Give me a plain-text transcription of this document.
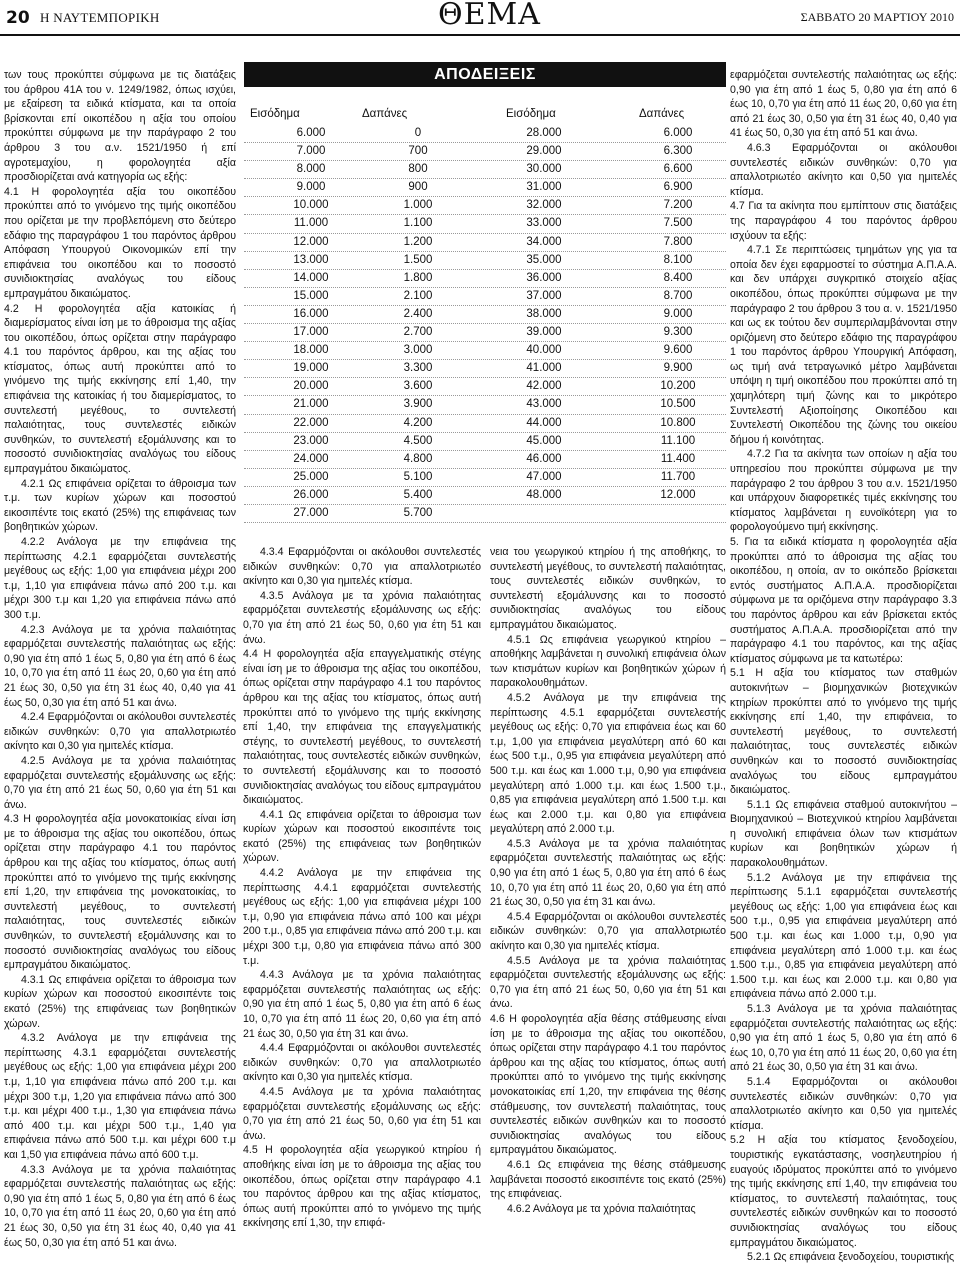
20 Η ΝΑΥΤΕΜΠΟΡΙΚΗ	ΘΕΜΑ	ΣΑΒΒΑΤΟ 20 ΜΑΡΤΙΟΥ 2010

των τους προκύπτει σύμφωνα με τις διατάξεις του άρθρου 41Α του ν. 1249/1982, όπως ισχύει, με εξαίρεση τα ειδικά κτίσματα, και τα οποία βρίσκονται επί οικοπέδου η αξία του οποίου προκύπτει σύμφωνα με την παράγραφο 2 του άρθρου 3 του α.ν. 1521/1950 ή επί αγροτεμαχίου, η φορολογητέα αξία προσδιορίζεται ανά κατηγορία ως εξής:

4.1 Η φορολογητέα αξία του οικοπέδου προκύπτει από το γινόμενο της τιμής οικοπέδου που ορίζεται με την προβλεπόμενη στο δεύτερο εδάφιο της παραγράφου 1 του παρόντος άρθρου Απόφαση Υπουργού Οικονομικών επί την επιφάνεια του οικοπέδου και το ποσοστό συνιδιοκτησίας αναλόγως του είδους εμπραγμάτου δικαιώματος.

4.2 Η φορολογητέα αξία κατοικίας ή διαμερίσματος είναι ίση με το άθροισμα της αξίας του οικοπέδου, όπως ορίζεται στην παράγραφο 4.1 του παρόντος άρθρου, και της αξίας του κτίσματος, όπως αυτή προκύπτει από το γινόμενο της τιμής εκκίνησης επί 1,40, την επιφάνεια της κατοικίας ή του διαμερίσματος, το συντελεστή μεγέθους, το συντελεστή παλαιότητας, τους συντελεστές ειδικών συνθηκών, το συντελεστή εξομάλυνσης και το ποσοστό συνιδιοκτησίας αναλόγως του είδους εμπραγμάτου δικαιώματος.

4.2.1 Ως επιφάνεια ορίζεται το άθροισμα των τ.μ. των κυρίων χώρων και ποσοστού εικοσιπέντε τοις εκατό (25%) της επιφάνειας των βοηθητικών χώρων.

4.2.2 Ανάλογα με την επιφάνεια της περίπτωσης 4.2.1 εφαρμόζεται συντελεστής μεγέθους ως εξής: 1,00 για επιφάνεια μέχρι 200 τ.μ, 1,10 για επιφάνεια πάνω από 200 τ.μ. και μέχρι 300 τ.μ και 1,20 για επιφάνεια πάνω από 300 τ.μ.

4.2.3 Ανάλογα με τα χρόνια παλαιότητας εφαρμόζεται συντελεστής παλαιότητας ως εξής: 0,90 για έτη από 1 έως 5, 0,80 για έτη από 6 έως 10, 0,70 για έτη από 11 έως 20, 0,60 για έτη από 21 έως 30, 0,50 για έτη 31 έως 40, 0,40 για 41 έως 50, 0,30 για έτη από 51 και άνω.

4.2.4 Εφαρμόζονται οι ακόλουθοι συντελεστές ειδικών συνθηκών: 0,70 για απαλλοτριωτέο ακίνητο και 0,30 για ημιτελές κτίσμα.

4.2.5 Ανάλογα με τα χρόνια παλαιότητας εφαρμόζεται συντελεστής εξομάλυνσης ως εξής: 0,70 για έτη από 21 έως 50, 0,60 για έτη 51 και άνω.

4.3 Η φορολογητέα αξία μονοκατοικίας είναι ίση με το άθροισμα της αξίας του οικοπέδου, όπως ορίζεται στην παράγραφο 4.1 του παρόντος άρθρου και της αξίας του κτίσματος, όπως αυτή προκύπτει από το γινόμενο της τιμής εκκίνησης επί 1,20, την επιφάνεια της μονοκατοικίας, το συντελεστή μεγέθους, το συντελεστή παλαιότητας, τους συντελεστές ειδικών συνθηκών, το συντελεστή εξομάλυνσης και το ποσοστό συνιδιοκτησίας αναλόγως του είδους εμπραγμάτου δικαιώματος.

4.3.1 Ως επιφάνεια ορίζεται το άθροισμα των κυρίων χώρων και ποσοστού εικοσιπέντε τοις εκατό (25%) της επιφάνειας των βοηθητικών χώρων.

4.3.2 Ανάλογα με την επιφάνεια της περίπτωσης 4.3.1 εφαρμόζεται συντελεστής μεγέθους ως εξής: 1,00 για επιφάνεια μέχρι 200 τ.μ, 1,10 για επιφάνεια πάνω από 200 τ.μ. και μέχρι 300 τ.μ, 1,20 για επιφάνεια πάνω από 300 τ.μ. και μέχρι 400 τ.μ., 1,30 για επιφάνεια πάνω από 400 τ.μ. και μέχρι 500 τ.μ., 1,40 για επιφάνεια πάνω από 500 τ.μ. και μέχρι 600 τ.μ και 1,50 για επιφάνεια πάνω από 600 τ.μ.

4.3.3 Ανάλογα με τα χρόνια παλαιότητας εφαρμόζεται συντελεστής παλαιότητας ως εξής: 0,90 για έτη από 1 έως 5, 0,80 για έτη από 6 έως 10, 0,70 για έτη από 11 έως 20, 0,60 για έτη από 21 έως 30, 0,50 για έτη 31 έως 40, 0,40 για 41 έως 50, 0,30 για έτη από 51 και άνω.

ΑΠΟΔΕΙΞΕΙΣ
Εισόδημα	Δαπάνες	Εισόδημα	Δαπάνες
6.000	0	28.000	6.000
7.000	700	29.000	6.300
8.000	800	30.000	6.600
9.000	900	31.000	6.900
10.000	1.000	32.000	7.200
11.000	1.100	33.000	7.500
12.000	1.200	34.000	7.800
13.000	1.500	35.000	8.100
14.000	1.800	36.000	8.400
15.000	2.100	37.000	8.700
16.000	2.400	38.000	9.000
17.000	2.700	39.000	9.300
18.000	3.000	40.000	9.600
19.000	3.300	41.000	9.900
20.000	3.600	42.000	10.200
21.000	3.900	43.000	10.500
22.000	4.200	44.000	10.800
23.000	4.500	45.000	11.100
24.000	4.800	46.000	11.400
25.000	5.100	47.000	11.700
26.000	5.400	48.000	12.000
27.000	5.700

4.3.4 Εφαρμόζονται οι ακόλουθοι συντελεστές ειδικών συνθηκών: 0,70 για απαλλοτριωτέο ακίνητο και 0,30 για ημιτελές κτίσμα.

4.3.5 Ανάλογα με τα χρόνια παλαιότητας εφαρμόζεται συντελεστής εξομάλυνσης ως εξής: 0,70 για έτη από 21 έως 50, 0,60 για έτη 51 και άνω.

4.4 Η φορολογητέα αξία επαγγελματικής στέγης είναι ίση με το άθροισμα της αξίας του οικοπέδου, όπως ορίζεται στην παράγραφο 4.1 του παρόντος άρθρου και της αξίας του κτίσματος, όπως αυτή προκύπτει από το γινόμενο της τιμής εκκίνησης επί 1,40, την επιφάνεια της επαγγελματικής στέγης, το συντελεστή μεγέθους, το συντελεστή παλαιότητας, τους συντελεστές ειδικών συνθηκών, το συντελεστή εξομάλυνσης και το ποσοστό συνιδιοκτησίας αναλόγως του είδους εμπραγμάτου δικαιώματος.

4.4.1 Ως επιφάνεια ορίζεται το άθροισμα των κυρίων χώρων και ποσοστού εικοσιπέντε τοις εκατό (25%) της επιφάνειας των βοηθητικών χώρων.

4.4.2 Ανάλογα με την επιφάνεια της περίπτωσης 4.4.1 εφαρμόζεται συντελεστής μεγέθους ως εξής: 1,00 για επιφάνεια μέχρι 100 τ.μ, 0,90 για επιφάνεια πάνω από 100 και μέχρι 200 τ.μ., 0,85 για επιφάνεια πάνω από 200 τ.μ. και μέχρι 300 τ.μ, 0,80 για επιφάνεια πάνω από 300 τ.μ.

4.4.3 Ανάλογα με τα χρόνια παλαιότητας εφαρμόζεται συντελεστής παλαιότητας ως εξής: 0,90 για έτη από 1 έως 5, 0,80 για έτη από 6 έως 10, 0,70 για έτη από 11 έως 20, 0,60 για έτη από 21 έως 30, 0,50 για έτη 31 και άνω.

4.4.4 Εφαρμόζονται οι ακόλουθοι συντελεστές ειδικών συνθηκών: 0,70 για απαλλοτριωτέο ακίνητο και 0,30 για ημιτελές κτίσμα.

4.4.5 Ανάλογα με τα χρόνια παλαιότητας εφαρμόζεται συντελεστής εξομάλυνσης ως εξής: 0,70 για έτη από 21 έως 50, 0,60 για έτη 51 και άνω.

4.5 Η φορολογητέα αξία γεωργικού κτηρίου ή αποθήκης είναι ίση με το άθροισμα της αξίας του οικοπέδου, όπως ορίζεται στην παράγραφο 4.1 του παρόντος άρθρου και της αξίας κτίσματος, όπως αυτή προκύπτει από το γινόμενο της τιμής εκκίνησης επί 1,30, την επιφά-

νεια του γεωργικού κτηρίου ή της αποθήκης, το συντελεστή μεγέθους, το συντελεστή παλαιότητας, τους συντελεστές ειδικών συνθηκών, το συντελεστή εξομάλυνσης και το ποσοστό συνιδιοκτησίας αναλόγως του είδους εμπραγμάτου δικαιώματος.

4.5.1 Ως επιφάνεια γεωργικού κτηρίου – αποθήκης λαμβάνεται η συνολική επιφάνεια όλων των κτισμάτων κυρίων και βοηθητικών χώρων ή παρακολουθημάτων.

4.5.2 Ανάλογα με την επιφάνεια της περίπτωσης 4.5.1 εφαρμόζεται συντελεστής μεγέθους ως εξής: 0,70 για επιφάνεια έως και 60 τ.μ, 1,00 για επιφάνεια μεγαλύτερη από 60 και έως 500 τ.μ., 0,95 για επιφάνεια μεγαλύτερη από 500 τ.μ. και έως και 1.000 τ.μ, 0,90 για επιφάνεια μεγαλύτερη από 1.000 τ.μ. και έως 1.500 τ.μ., 0,85 για επιφάνεια μεγαλύτερη από 1.500 τ.μ. και έως και 2.000 τ.μ. και 0,80 για επιφάνεια μεγαλύτερη από 2.000 τ.μ.

4.5.3 Ανάλογα με τα χρόνια παλαιότητας εφαρμόζεται συντελεστής παλαιότητας ως εξής: 0,90 για έτη από 1 έως 5, 0,80 για έτη από 6 έως 10, 0,70 για έτη από 11 έως 20, 0,60 για έτη από 21 έως 30, 0,50 για έτη 31 και άνω.

4.5.4 Εφαρμόζονται οι ακόλουθοι συντελεστές ειδικών συνθηκών: 0,70 για απαλλοτριωτέο ακίνητο και 0,30 για ημιτελές κτίσμα.

4.5.5 Ανάλογα με τα χρόνια παλαιότητας εφαρμόζεται συντελεστής εξομάλυνσης ως εξής: 0,70 για έτη από 21 έως 50, 0,60 για έτη 51 και άνω.

4.6 Η φορολογητέα αξία θέσης στάθμευσης είναι ίση με το άθροισμα της αξίας του οικοπέδου, όπως ορίζεται στην παράγραφο 4.1 του παρόντος άρθρου και της αξίας του κτίσματος, όπως αυτή προκύπτει από το γινόμενο της τιμής εκκίνησης μονοκατοικίας επί 1,20, την επιφάνεια της θέσης στάθμευσης, τον συντελεστή παλαιότητας, τους συντελεστές ειδικών συνθηκών και το ποσοστό συνιδιοκτησίας αναλόγως του είδους εμπραγμάτου δικαιώματος.

4.6.1 Ως επιφάνεια της θέσης στάθμευσης λαμβάνεται ποσοστό εικοσιπέντε τοις εκατό (25%) της επιφάνειας.

4.6.2 Ανάλογα με τα χρόνια παλαιότητας

εφαρμόζεται συντελεστής παλαιότητας ως εξής: 0,90 για έτη από 1 έως 5, 0,80 για έτη από 6 έως 10, 0,70 για έτη από 11 έως 20, 0,60 για έτη από 21 έως 30, 0,50 για έτη 31 έως 40, 0,40 για 41 έως 50, 0,30 για έτη από 51 και άνω.

4.6.3 Εφαρμόζονται οι ακόλουθοι συντελεστές ειδικών συνθηκών: 0,70 για απαλλοτριωτέο ακίνητο και 0,50 για ημιτελές κτίσμα.

4.7 Για τα ακίνητα που εμπίπτουν στις διατάξεις της παραγράφου 4 του παρόντος άρθρου ισχύουν τα εξής:

4.7.1 Σε περιπτώσεις τμημάτων γης για τα οποία δεν έχει εφαρμοστεί το σύστημα Α.Π.Α.Α. και δεν υπάρχει συγκριτικό στοιχείο αξίας οικοπέδου, όπως προκύπτει σύμφωνα με την παράγραφο 2 του άρθρου 3 του α. ν. 1521/1950 και ως εκ τούτου δεν συμπεριλαμβάνονται στην οριζόμενη στο δεύτερο εδάφιο της παραγράφου 1 του παρόντος άρθρου Υπουργική Απόφαση, ως τιμή ανά τετραγωνικό μέτρο λαμβάνεται υπόψη η τιμή οικοπέδου που προκύπτει από τη χαμηλότερη τιμή ζώνης και το μικρότερο Συντελεστή Αξιοποίησης Οικοπέδου και Συντελεστή Οικοπέδου της ζώνης του οικείου δήμου ή κοινότητας.

4.7.2 Για τα ακίνητα των οποίων η αξία του υπηρεσίου που προκύπτει σύμφωνα με την παράγραφο 2 του άρθρου 3 του α.ν. 1521/1950 και υπάρχουν διαφορετικές τιμές εκκίνησης του κτίσματος λαμβάνεται η ευνοϊκότερη για το φορολογούμενο τιμή εκκίνησης.

5. Για τα ειδικά κτίσματα η φορολογητέα αξία προκύπτει από το άθροισμα της αξίας του οικοπέδου, η οποία, αν το οικόπεδο βρίσκεται εντός συστήματος Α.Π.Α.Α. προσδιορίζεται σύμφωνα με τα οριζόμενα στην παράγραφο 3.3 του παρόντος άρθρου και εάν βρίσκεται εκτός συστήματος Α.Π.Α.Α. προσδιορίζεται από την παράγραφο 4.1 του παρόντος, και της αξίας κτίσματος σύμφωνα με τα κατωτέρω:

5.1 Η αξία του κτίσματος των σταθμών αυτοκινήτων – βιομηχανικών βιοτεχνικών κτηρίων προκύπτει από το γινόμενο της τιμής εκκίνησης επί 1,40, την επιφάνεια, το συντελεστή μεγέθους, το συντελεστή παλαιότητας, τους συντελεστές ειδικών συνθηκών και το ποσοστό συνιδιοκτησίας αναλόγως του είδους εμπραγμάτου δικαιώματος.

5.1.1 Ως επιφάνεια σταθμού αυτοκινήτου – Βιομηχανικού – Βιοτεχνικού κτηρίου λαμβάνεται η συνολική επιφάνεια όλων των κτισμάτων κυρίων και βοηθητικών χώρων ή παρακολουθημάτων.

5.1.2 Ανάλογα με την επιφάνεια της περίπτωσης 5.1.1 εφαρμόζεται συντελεστής μεγέθους ως εξής: 1,00 για επιφάνεια έως και 500 τ.μ., 0,95 για επιφάνεια μεγαλύτερη από 500 τ.μ. και έως και 1.000 τ.μ, 0,90 για επιφάνεια μεγαλύτερη από 1.000 τ.μ. και έως 1.500 τ.μ., 0,85 για επιφάνεια μεγαλύτερη από 1.500 τ.μ. και έως και 2.000 τ.μ. και 0,80 για επιφάνεια πάνω από 2.000 τ.μ.

5.1.3 Ανάλογα με τα χρόνια παλαιότητας εφαρμόζεται συντελεστής παλαιότητας ως εξής: 0,90 για έτη από 1 έως 5, 0,80 για έτη από 6 έως 10, 0,70 για έτη από 11 έως 20, 0,60 για έτη από 21 έως 30, 0,50 για έτη 31 και άνω.

5.1.4 Εφαρμόζονται οι ακόλουθοι συντελεστές ειδικών συνθηκών: 0,70 για απαλλοτριωτέο ακίνητο και 0,50 για ημιτελές κτίσμα.

5.2 Η αξία του κτίσματος ξενοδοχείου, τουριστικής εγκατάστασης, νοσηλευτηρίου ή ευαγούς ιδρύματος προκύπτει από το γινόμενο της τιμής εκκίνησης επί 1,40, την επιφάνεια του κτίσματος, το συντελεστή παλαιότητας, τους συντελεστές ειδικών συνθηκών και το ποσοστό συνιδιοκτησίας αναλόγως του είδους εμπραγμάτου δικαιώματος.

5.2.1 Ως επιφάνεια ξενοδοχείου, τουριστικής
